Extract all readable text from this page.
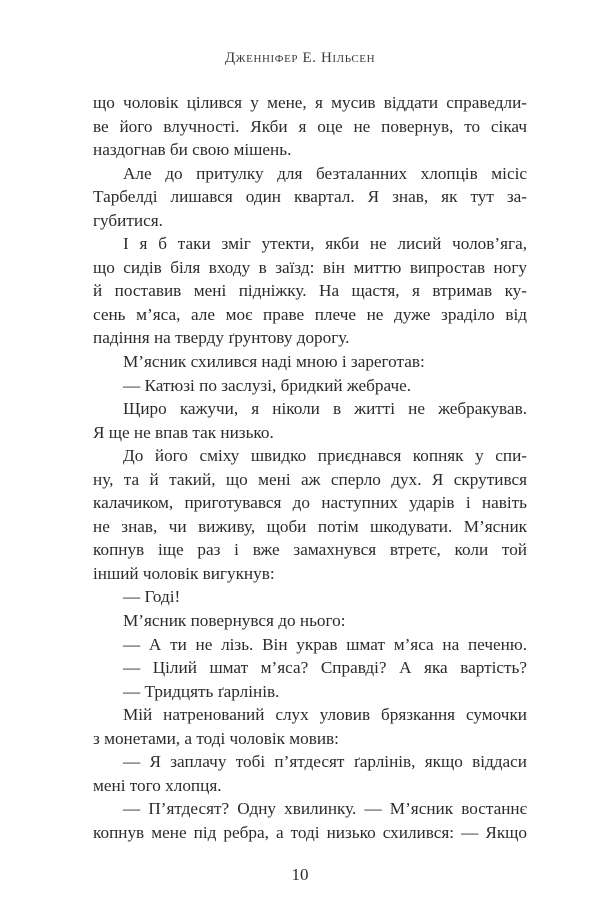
Дженніфер Е. Нільсен
що чоловік цілився у мене, я мусив віддати справедли-
ве його влучності. Якби я оце не повернув, то сікач
наздогнав би свою мішень.
Але до притулку для безталанних хлопців місіс
Тарбелді лишався один квартал. Я знав, як тут за-
губитися.
І я б таки зміг утекти, якби не лисий чолов’яга,
що сидів біля входу в заїзд: він миттю випростав ногу
й поставив мені підніжку. На щастя, я втримав ку-
сень м’яса, але моє праве плече не дуже зраділо від
падіння на тверду ґрунтову дорогу.
М’ясник схилився наді мною і зареготав:
— Катюзі по заслузі, бридкий жебраче.
Щиро кажучи, я ніколи в житті не жебракував.
Я ще не впав так низько.
До його сміху швидко приєднався копняк у спи-
ну, та й такий, що мені аж сперло дух. Я скрутився
калачиком, приготувався до наступних ударів і навіть
не знав, чи виживу, щоби потім шкодувати. М’ясник
копнув іще раз і вже замахнувся втретє, коли той
інший чоловік вигукнув:
— Годі!
М’ясник повернувся до нього:
— А ти не лізь. Він украв шмат м’яса на печеню.
— Цілий шмат м’яса? Справді? А яка вартість?
— Тридцять ґарлінів.
Мій натренований слух уловив брязкання сумочки
з монетами, а тоді чоловік мовив:
— Я заплачу тобі п’ятдесят ґарлінів, якщо віддаси
мені того хлопця.
— П’ятдесят? Одну хвилинку. — М’ясник востаннє
копнув мене під ребра, а тоді низько схилився: — Якщо
10
